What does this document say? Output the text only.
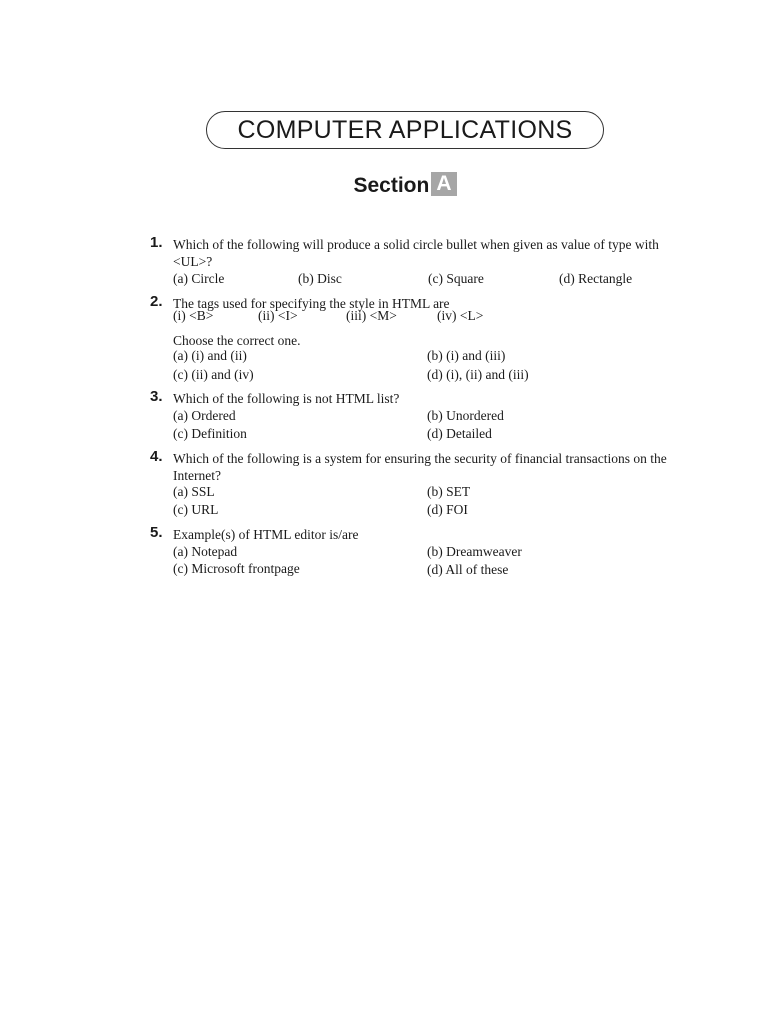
COMPUTER APPLICATIONS
Section A
1. Which of the following will produce a solid circle bullet when given as value of type with <UL>?
(a) Circle	(b) Disc	(c) Square	(d) Rectangle
2. The tags used for specifying the style in HTML are
(i) <B>	(ii) <I>	(iii) <M>	(iv) <L>
Choose the correct one.
(a) (i) and (ii)	(b) (i) and (iii)
(c) (ii) and (iv)	(d) (i), (ii) and (iii)
3. Which of the following is not HTML list?
(a) Ordered	(b) Unordered
(c) Definition	(d) Detailed
4. Which of the following is a system for ensuring the security of financial transactions on the Internet?
(a) SSL	(b) SET
(c) URL	(d) FOI
5. Example(s) of HTML editor is/are
(a) Notepad	(b) Dreamweaver
(c) Microsoft frontpage	(d) All of these
